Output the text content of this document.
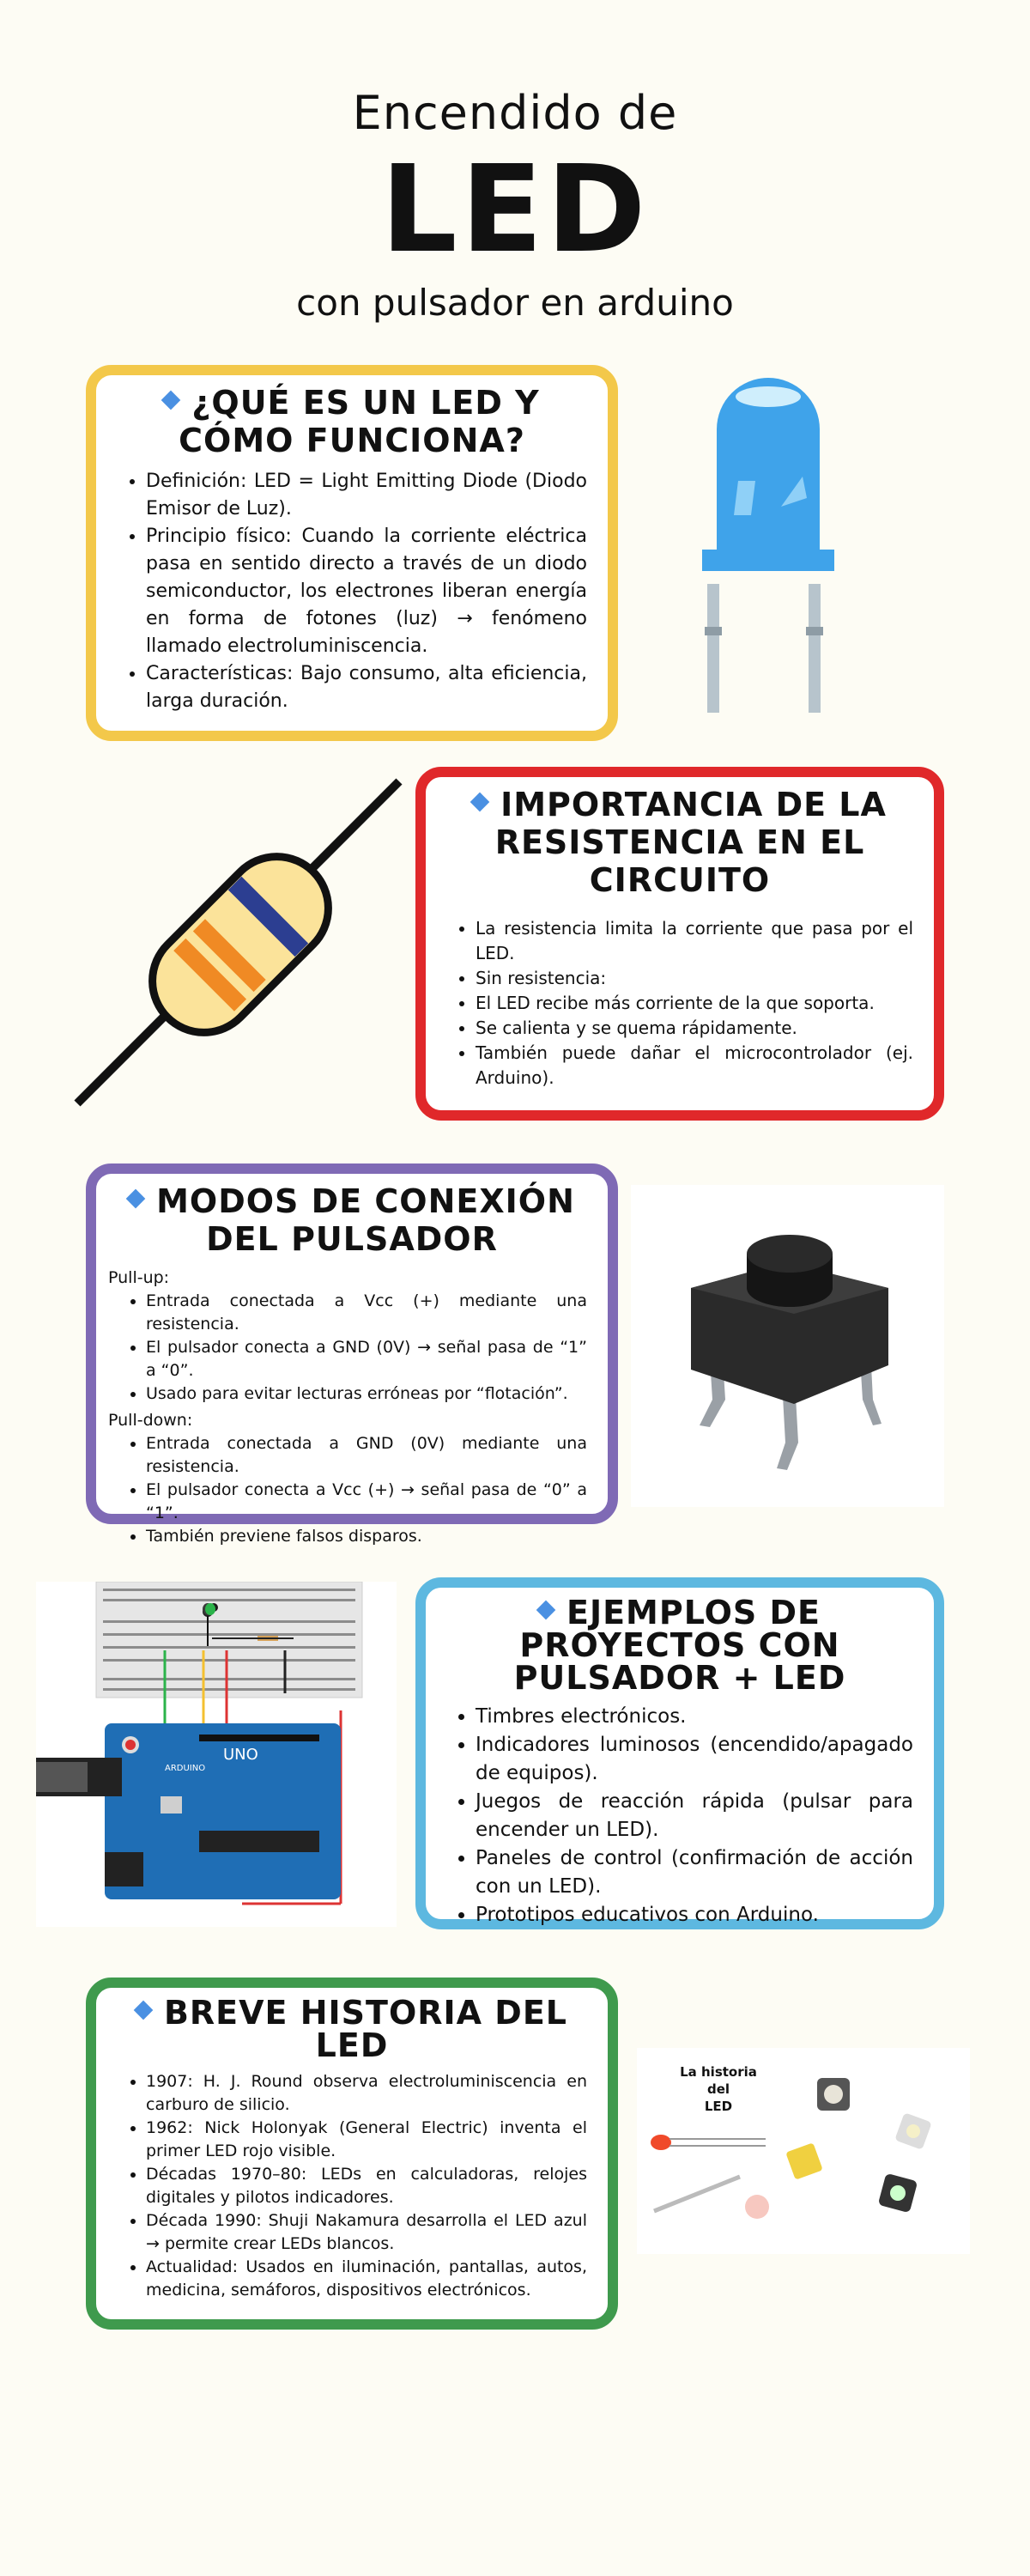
Encendido de
LED
con pulsador en arduino
¿QUÉ ES UN LED Y CÓMO FUNCIONA?
• Definición: LED = Light Emitting Diode (Diodo Emisor de Luz).
• Principio físico: Cuando la corriente eléctrica pasa en sentido directo a través de un diodo semiconductor, los electrones liberan energía en forma de fotones (luz) → fenómeno llamado electroluminiscencia.
• Características: Bajo consumo, alta eficiencia, larga duración.
IMPORTANCIA DE LA RESISTENCIA EN EL CIRCUITO
• La resistencia limita la corriente que pasa por el LED.
• Sin resistencia:
• El LED recibe más corriente de la que soporta.
• Se calienta y se quema rápidamente.
• También puede dañar el microcontrolador (ej. Arduino).
MODOS DE CONEXIÓN DEL PULSADOR

Pull-up:

• Entrada conectada a Vcc (+) mediante una resistencia.
• El pulsador conecta a GND (0V) → señal pasa de “1” a “0”.
• Usado para evitar lecturas erróneas por “flotación”.

Pull-down:

• Entrada conectada a GND (0V) mediante una resistencia.
• El pulsador conecta a Vcc (+) → señal pasa de “0” a “1”.
• También previene falsos disparos.
UNO
ARDUINO
EJEMPLOS DE PROYECTOS CON PULSADOR + LED
• Timbres electrónicos.
• Indicadores luminosos (encendido/apagado de equipos).
• Juegos de reacción rápida (pulsar para encender un LED).
• Paneles de control (confirmación de acción con un LED).
• Prototipos educativos con Arduino.
BREVE HISTORIA DEL LED
• 1907: H. J. Round observa electroluminiscencia en carburo de silicio.
• 1962: Nick Holonyak (General Electric) inventa el primer LED rojo visible.
• Décadas 1970–80: LEDs en calculadoras, relojes digitales y pilotos indicadores.
• Década 1990: Shuji Nakamura desarrolla el LED azul → permite crear LEDs blancos.
• Actualidad: Usados en iluminación, pantallas, autos, medicina, semáforos, dispositivos electrónicos.
La historia
del
LED
